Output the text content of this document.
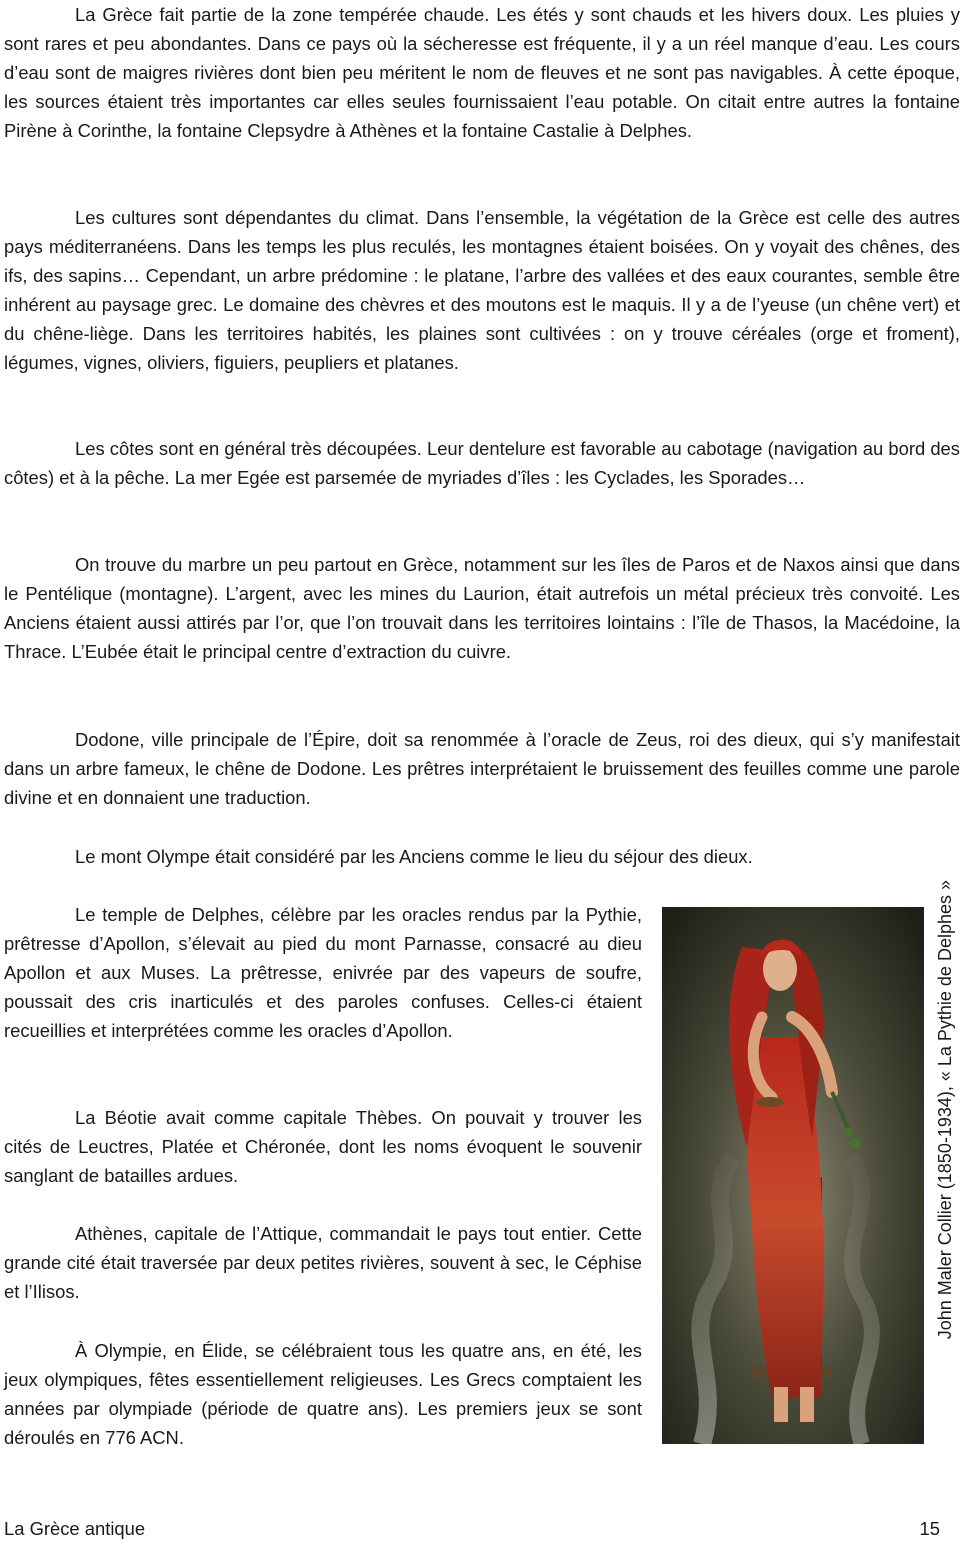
La Grèce fait partie de la zone tempérée chaude. Les étés y sont chauds et les hivers doux. Les pluies y sont rares et peu abondantes. Dans ce pays où la sécheresse est fréquente, il y a un réel manque d’eau. Les cours d’eau sont de maigres rivières dont bien peu méritent le nom de fleuves et ne sont pas navigables. À cette époque, les sources étaient très importantes car elles seules fournissaient l’eau potable. On citait entre autres la fontaine Pirène à Corinthe, la fontaine Clepsydre à Athènes et la fontaine Castalie à Delphes.

Les cultures sont dépendantes du climat. Dans l’ensemble, la végétation de la Grèce est celle des autres pays méditerranéens. Dans les temps les plus reculés, les montagnes étaient boisées. On y voyait des chênes, des ifs, des sapins… Cependant, un arbre prédomine : le platane, l’arbre des vallées et des eaux courantes, semble être inhérent au paysage grec. Le domaine des chèvres et des moutons est le maquis. Il y a de l’yeuse (un chêne vert) et du chêne-liège. Dans les territoires habités, les plaines sont cultivées : on y trouve céréales (orge et froment), légumes, vignes, oliviers, figuiers, peupliers et platanes.

Les côtes sont en général très découpées. Leur dentelure est favorable au cabotage (navigation au bord des côtes) et à la pêche. La mer Egée est parsemée de myriades d’îles : les Cyclades, les Sporades…

On trouve du marbre un peu partout en Grèce, notamment sur les îles de Paros et de Naxos ainsi que dans le Pentélique (montagne). L’argent, avec les mines du Laurion, était autrefois un métal précieux très convoité. Les Anciens étaient aussi attirés par l’or, que l’on trouvait dans les territoires lointains : l’île de Thasos, la Macédoine, la Thrace. L’Eubée était le principal centre d’extraction du cuivre.

Dodone, ville principale de l’Épire, doit sa renommée à l’oracle de Zeus, roi des dieux, qui s’y manifestait dans un arbre fameux, le chêne de Dodone. Les prêtres interprétaient le bruissement des feuilles comme une parole divine et en donnaient une traduction.

Le mont Olympe était considéré par les Anciens comme le lieu du séjour des dieux.

Le temple de Delphes, célèbre par les oracles rendus par la Pythie, prêtresse d’Apollon, s’élevait au pied du mont Parnasse, consacré au dieu Apollon et aux Muses. La prêtresse, enivrée par des vapeurs de soufre, poussait des cris inarticulés et des paroles confuses. Celles-ci étaient recueillies et interprétées comme les oracles d’Apollon.

La Béotie avait comme capitale Thèbes. On pouvait y trouver les cités de Leuctres, Platée et Chéronée, dont les noms évoquent le souvenir sanglant de batailles ardues.

Athènes, capitale de l’Attique, commandait le pays tout entier. Cette grande cité était traversée par deux petites rivières, souvent à sec, le Céphise et l’Ilisos.

À Olympie, en Élide, se célébraient tous les quatre ans, en été, les jeux olympiques, fêtes essentiellement religieuses. Les Grecs comptaient les années par olympiade (période de quatre ans). Les premiers jeux se sont déroulés en 776 ACN.

John Maler Collier (1850-1934), « La Pythie de Delphes »
La Grèce antique	15
